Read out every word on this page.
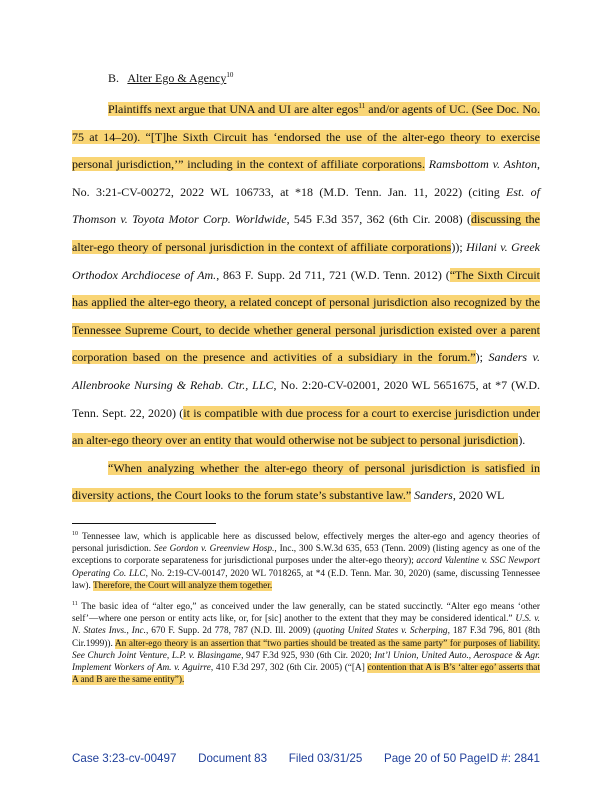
B. Alter Ego & Agency$^{10}$

Plaintiffs next argue that UNA and UI are alter egos$^{11}$ and/or agents of UC. (See Doc. No. 75 at 14–20). “[T]he Sixth Circuit has ‘endorsed the use of the alter-ego theory to exercise personal jurisdiction,’” including in the context of affiliate corporations. Ramsbottom v. Ashton, No. 3:21-CV-00272, 2022 WL 106733, at *18 (M.D. Tenn. Jan. 11, 2022) (citing Est. of Thomson v. Toyota Motor Corp. Worldwide, 545 F.3d 357, 362 (6th Cir. 2008) (discussing the alter-ego theory of personal jurisdiction in the context of affiliate corporations)); Hilani v. Greek Orthodox Archdiocese of Am., 863 F. Supp. 2d 711, 721 (W.D. Tenn. 2012) (“The Sixth Circuit has applied the alter-ego theory, a related concept of personal jurisdiction also recognized by the Tennessee Supreme Court, to decide whether general personal jurisdiction existed over a parent corporation based on the presence and activities of a subsidiary in the forum.”); Sanders v. Allenbrooke Nursing & Rehab. Ctr., LLC, No. 2:20-CV-02001, 2020 WL 5651675, at *7 (W.D. Tenn. Sept. 22, 2020) (it is compatible with due process for a court to exercise jurisdiction under an alter-ego theory over an entity that would otherwise not be subject to personal jurisdiction).

“When analyzing whether the alter-ego theory of personal jurisdiction is satisfied in diversity actions, the Court looks to the forum state’s substantive law.” Sanders, 2020 WL

$^{10}$ Tennessee law, which is applicable here as discussed below, effectively merges the alter-ego and agency theories of personal jurisdiction. See Gordon v. Greenview Hosp., Inc., 300 S.W.3d 635, 653 (Tenn. 2009) (listing agency as one of the exceptions to corporate separateness for jurisdictional purposes under the alter-ego theory); accord Valentine v. SSC Newport Operating Co. LLC, No. 2:19-CV-00147, 2020 WL 7018265, at *4 (E.D. Tenn. Mar. 30, 2020) (same, discussing Tennessee law). Therefore, the Court will analyze them together.

$^{11}$ The basic idea of “alter ego,” as conceived under the law generally, can be stated succinctly. “Alter ego means ‘other self’—where one person or entity acts like, or, for [sic] another to the extent that they may be considered identical.” U.S. v. N. States Invs., Inc., 670 F. Supp. 2d 778, 787 (N.D. Ill. 2009) (quoting United States v. Scherping, 187 F.3d 796, 801 (8th Cir.1999)). An alter-ego theory is an assertion that “two parties should be treated as the same party” for purposes of liability. See Church Joint Venture, L.P. v. Blasingame, 947 F.3d 925, 930 (6th Cir. 2020; Int’l Union, United Auto., Aerospace & Agr. Implement Workers of Am. v. Aguirre, 410 F.3d 297, 302 (6th Cir. 2005) (“[A] contention that A is B’s ‘alter ego’ asserts that A and B are the same entity”).

Case 3:23-cv-00497 Document 83 Filed 03/31/25 Page 20 of 50 PageID #: 2841
